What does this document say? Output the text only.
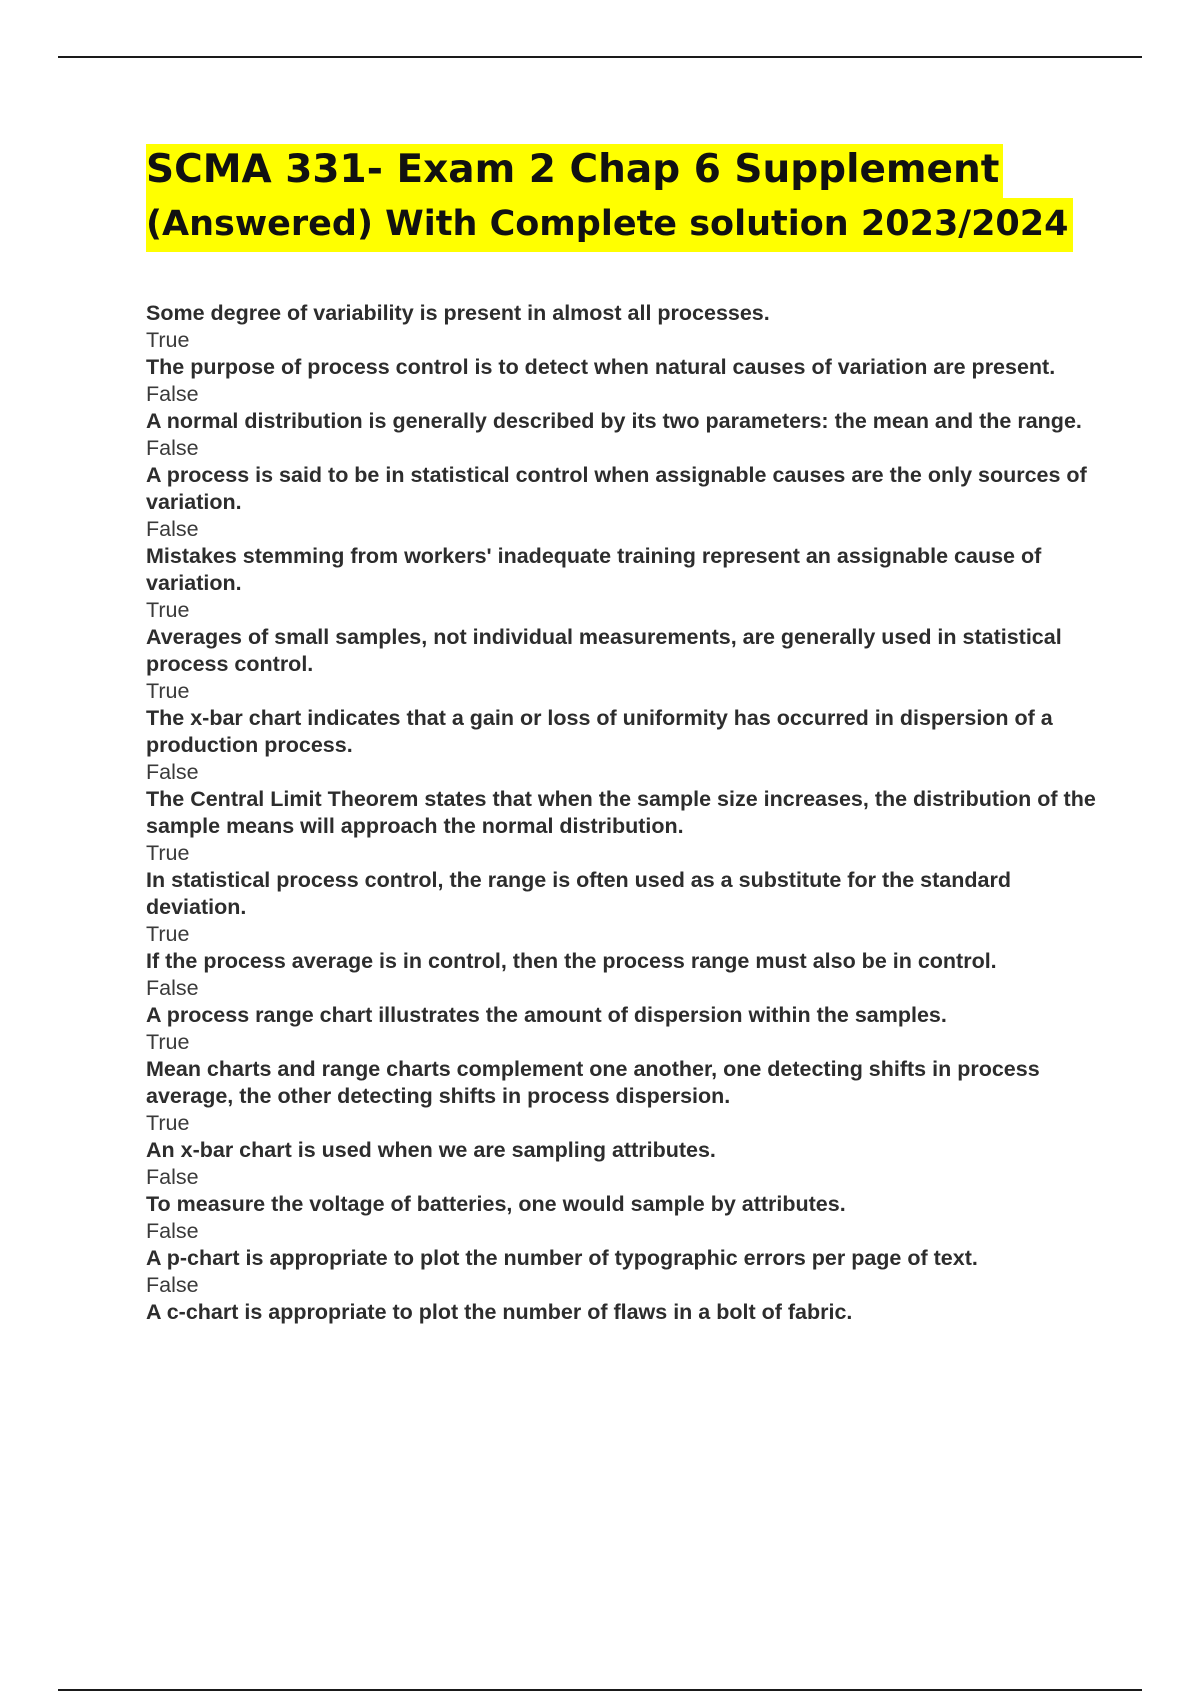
SCMA 331- Exam 2 Chap 6 Supplement
(Answered) With Complete solution 2023/2024
Some degree of variability is present in almost all processes.
True
The purpose of process control is to detect when natural causes of variation are present.
False
A normal distribution is generally described by its two parameters: the mean and the range.
False
A process is said to be in statistical control when assignable causes are the only sources of variation.
False
Mistakes stemming from workers' inadequate training represent an assignable cause of variation.
True
Averages of small samples, not individual measurements, are generally used in statistical process control.
True
The x-bar chart indicates that a gain or loss of uniformity has occurred in dispersion of a production process.
False
The Central Limit Theorem states that when the sample size increases, the distribution of the sample means will approach the normal distribution.
True
In statistical process control, the range is often used as a substitute for the standard deviation.
True
If the process average is in control, then the process range must also be in control.
False
A process range chart illustrates the amount of dispersion within the samples.
True
Mean charts and range charts complement one another, one detecting shifts in process average, the other detecting shifts in process dispersion.
True
An x-bar chart is used when we are sampling attributes.
False
To measure the voltage of batteries, one would sample by attributes.
False
A p-chart is appropriate to plot the number of typographic errors per page of text.
False
A c-chart is appropriate to plot the number of flaws in a bolt of fabric.
